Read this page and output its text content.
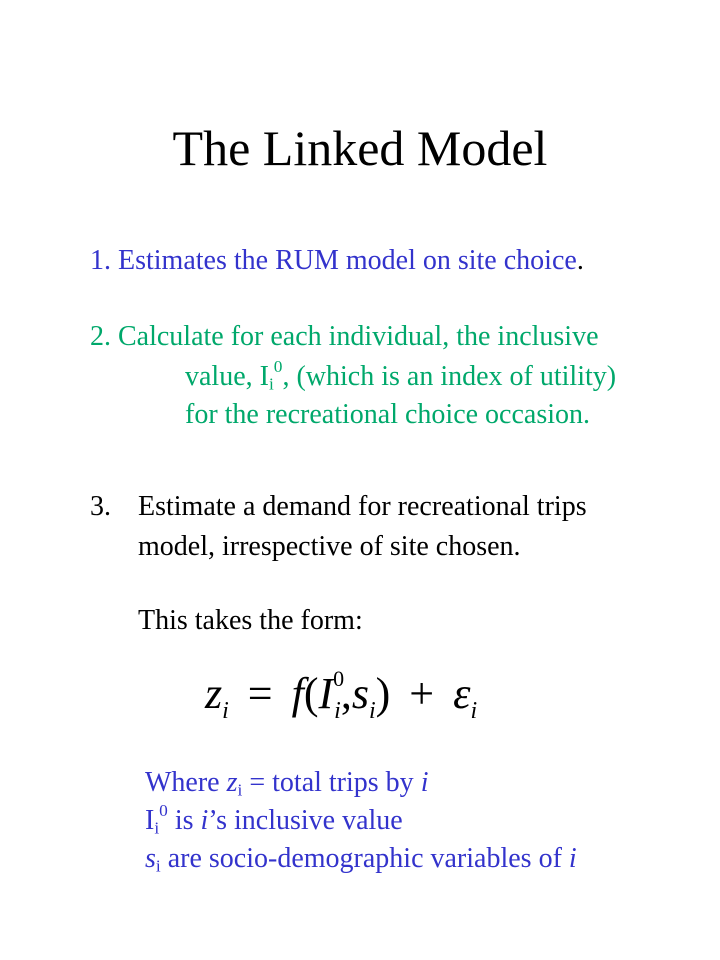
The Linked Model
1. Estimates the RUM model on site choice.
2. Calculate for each individual, the inclusive
value, $I_i^0$, (which is an index of utility)
for the recreational choice occasion.
3. Estimate a demand for recreational trips
model, irrespective of site chosen.
This takes the form:
$z_i = f(I^0_i,s_i) + \varepsilon_i$
Where $z_i$ = total trips by i
$I_i^0$ is i’s inclusive value
$s_i$ are socio-demographic variables of i
